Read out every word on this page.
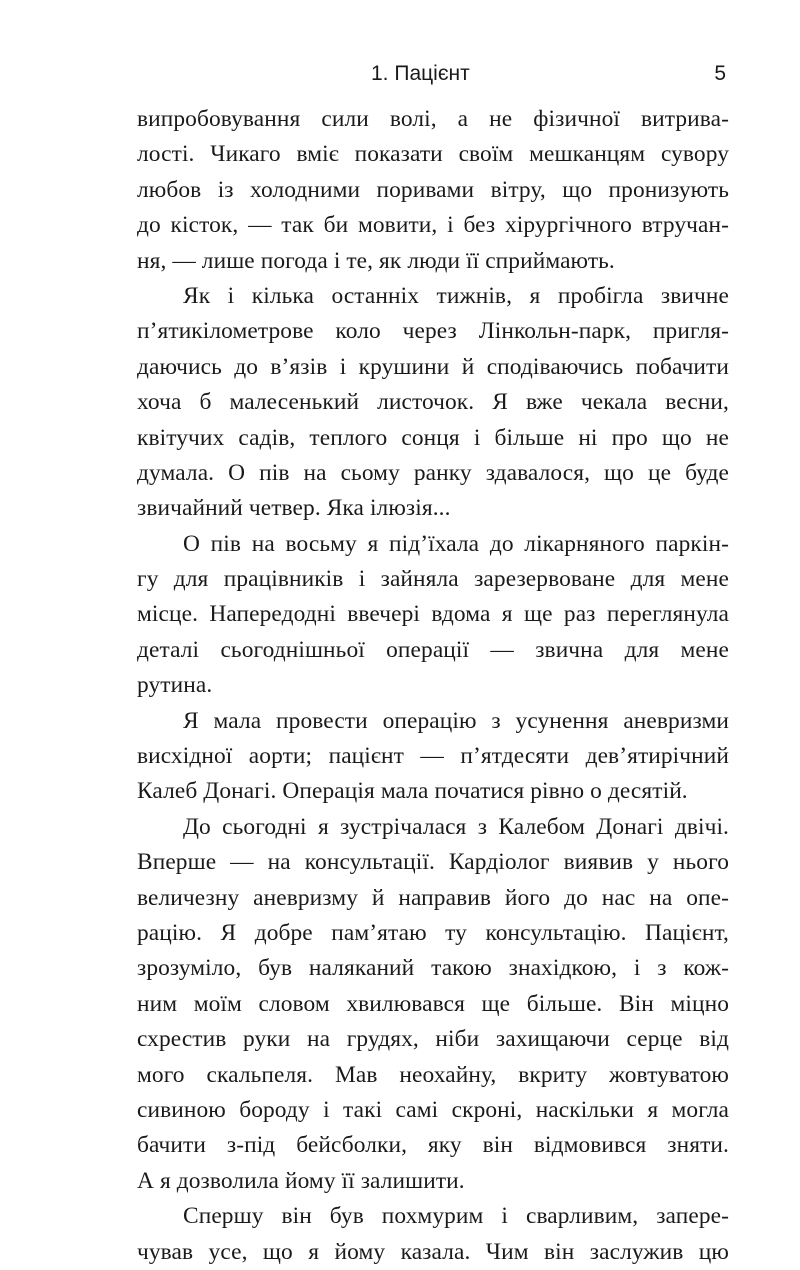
1. Пацієнт	5
випробовування сили волі, а не фізичної витрива-
лості. Чикаго вміє показати своїм мешканцям сувору
любов із холодними поривами вітру, що пронизують
до кісток, — так би мовити, і без хірургічного втручан-
ня, — лише погода і те, як люди її сприймають.
Як і кілька останніх тижнів, я пробігла звичне
п’ятикілометрове коло через Лінкольн-парк, пригля-
даючись до в’язів і крушини й сподіваючись побачити
хоча б малесенький листочок. Я вже чекала весни,
квітучих садів, теплого сонця і більше ні про що не
думала. О пів на сьому ранку здавалося, що це буде
звичайний четвер. Яка ілюзія...
О пів на восьму я під’їхала до лікарняного паркін-
гу для працівників і зайняла зарезервоване для мене
місце. Напередодні ввечері вдома я ще раз переглянула
деталі сьогоднішньої операції — звична для мене
рутина.
Я мала провести операцію з усунення аневризми
висхідної аорти; пацієнт — п’ятдесяти дев’ятирічний
Калеб Донагі. Операція мала початися рівно о десятій.
До сьогодні я зустрічалася з Калебом Донагі двічі.
Вперше — на консультації. Кардіолог виявив у нього
величезну аневризму й направив його до нас на опе-
рацію. Я добре пам’ятаю ту консультацію. Пацієнт,
зрозуміло, був наляканий такою знахідкою, і з кож-
ним моїм словом хвилювався ще більше. Він міцно
схрестив руки на грудях, ніби захищаючи серце від
мого скальпеля. Мав неохайну, вкриту жовтуватою
сивиною бороду і такі самі скроні, наскільки я могла
бачити з-під бейсболки, яку він відмовився зняти.
А я дозволила йому її залишити.
Спершу він був похмурим і сварливим, запере-
чував усе, що я йому казала. Чим він заслужив цю
